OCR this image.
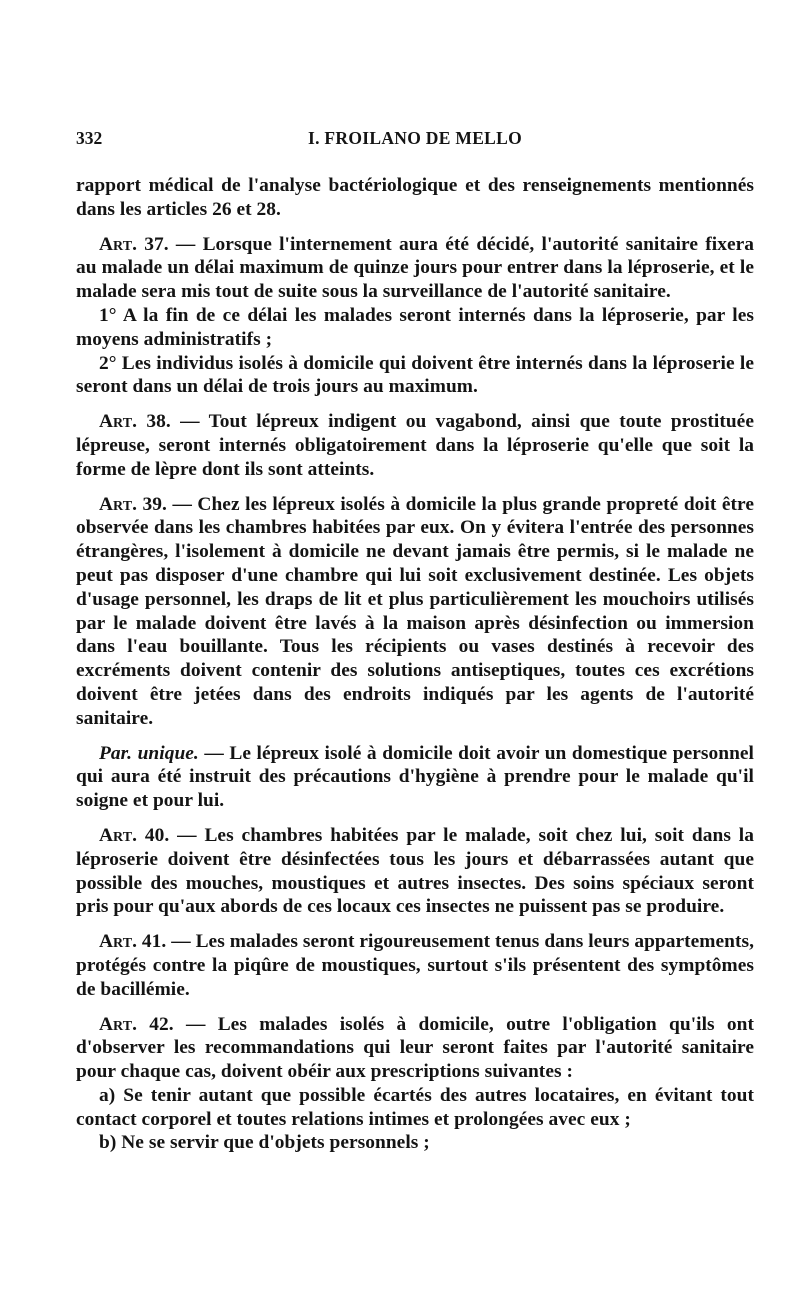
332	I. FROILANO DE MELLO

rapport médical de l'analyse bactériologique et des renseignements mentionnés dans les articles 26 et 28.

Art. 37. — Lorsque l'internement aura été décidé, l'autorité sanitaire fixera au malade un délai maximum de quinze jours pour entrer dans la léproserie, et le malade sera mis tout de suite sous la surveillance de l'autorité sanitaire.

1° A la fin de ce délai les malades seront internés dans la léproserie, par les moyens administratifs ;

2° Les individus isolés à domicile qui doivent être internés dans la léproserie le seront dans un délai de trois jours au maximum.

Art. 38. — Tout lépreux indigent ou vagabond, ainsi que toute prostituée lépreuse, seront internés obligatoirement dans la léproserie qu'elle que soit la forme de lèpre dont ils sont atteints.

Art. 39. — Chez les lépreux isolés à domicile la plus grande propreté doit être observée dans les chambres habitées par eux. On y évitera l'entrée des personnes étrangères, l'isolement à domicile ne devant jamais être permis, si le malade ne peut pas disposer d'une chambre qui lui soit exclusivement destinée. Les objets d'usage personnel, les draps de lit et plus particulièrement les mouchoirs utilisés par le malade doivent être lavés à la maison après désinfection ou immersion dans l'eau bouillante. Tous les récipients ou vases destinés à recevoir des excréments doivent contenir des solutions antiseptiques, toutes ces excrétions doivent être jetées dans des endroits indiqués par les agents de l'autorité sanitaire.

Par. unique. — Le lépreux isolé à domicile doit avoir un domestique personnel qui aura été instruit des précautions d'hygiène à prendre pour le malade qu'il soigne et pour lui.

Art. 40. — Les chambres habitées par le malade, soit chez lui, soit dans la léproserie doivent être désinfectées tous les jours et débarrassées autant que possible des mouches, moustiques et autres insectes. Des soins spéciaux seront pris pour qu'aux abords de ces locaux ces insectes ne puissent pas se produire.

Art. 41. — Les malades seront rigoureusement tenus dans leurs appartements, protégés contre la piqûre de moustiques, surtout s'ils présentent des symptômes de bacillémie.

Art. 42. — Les malades isolés à domicile, outre l'obligation qu'ils ont d'observer les recommandations qui leur seront faites par l'autorité sanitaire pour chaque cas, doivent obéir aux prescriptions suivantes :

a) Se tenir autant que possible écartés des autres locataires, en évitant tout contact corporel et toutes relations intimes et prolongées avec eux ;

b) Ne se servir que d'objets personnels ;
